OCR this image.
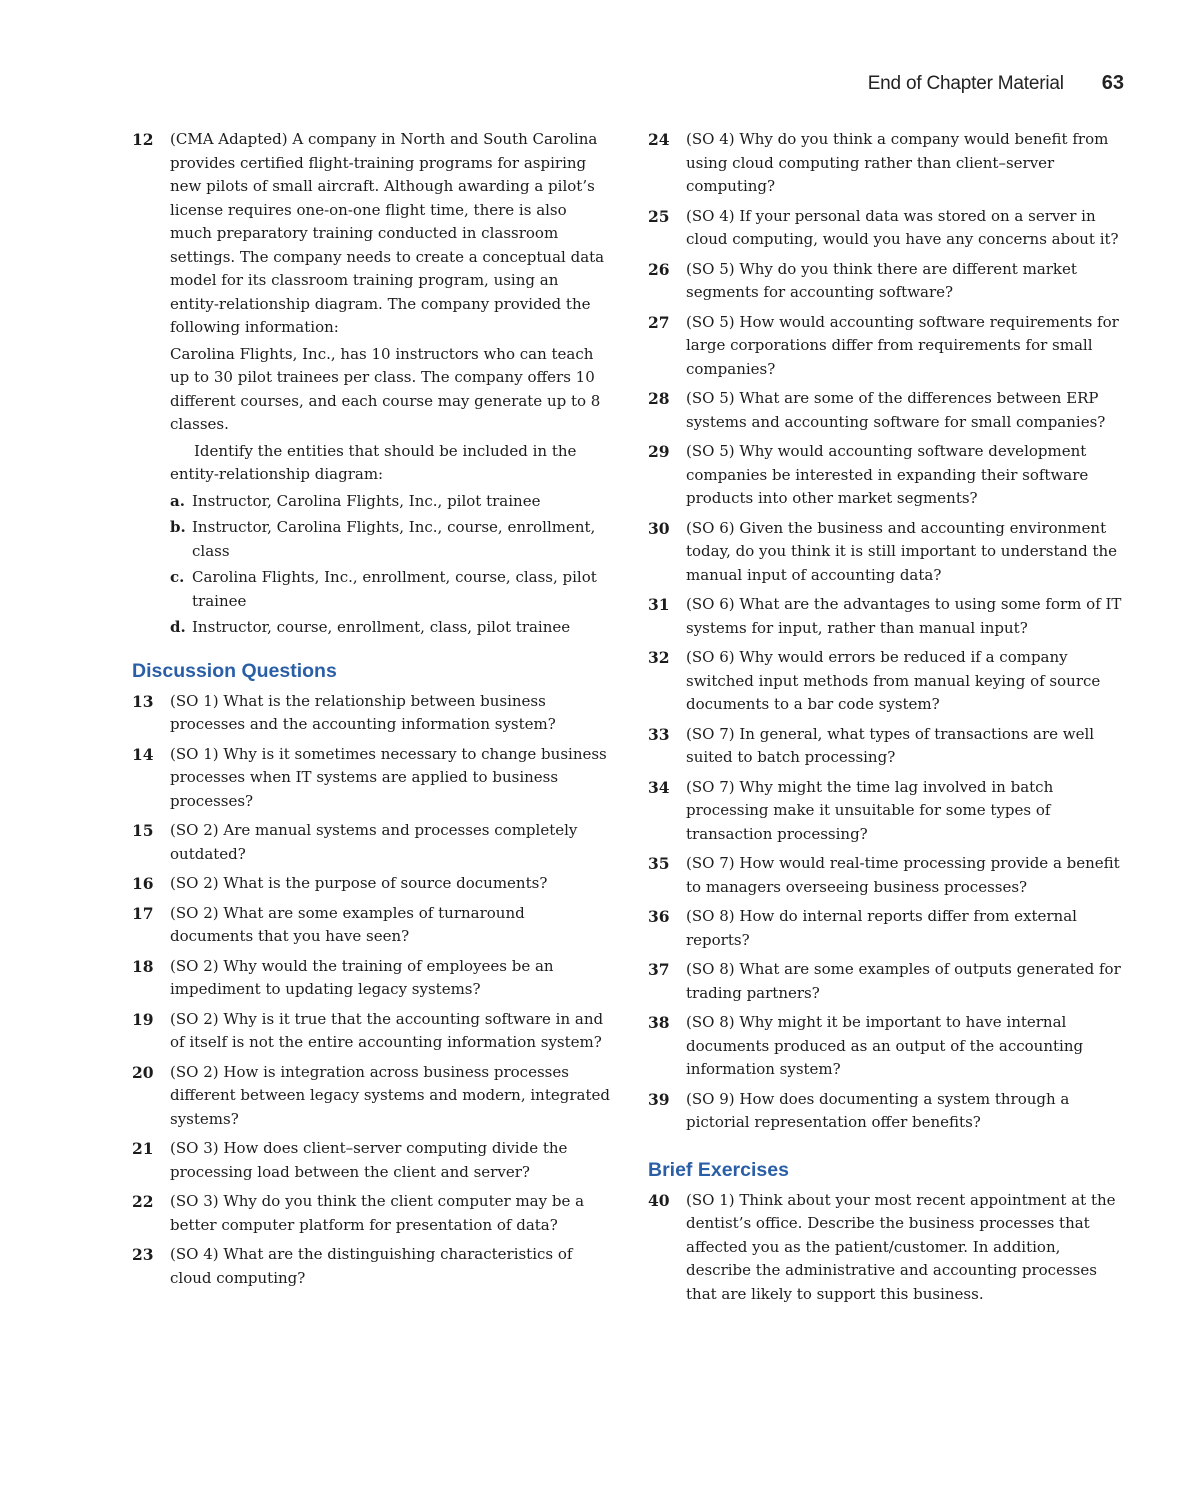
End of Chapter Material 63
12 (CMA Adapted) A company in North and South Carolina provides certified flight-training programs for aspiring new pilots of small aircraft. Although awarding a pilot’s license requires one-on-one flight time, there is also much preparatory training conducted in classroom settings. The company needs to create a conceptual data model for its classroom training program, using an entity-relationship diagram. The company provided the following information:

Carolina Flights, Inc., has 10 instructors who can teach up to 30 pilot trainees per class. The company offers 10 different courses, and each course may generate up to 8 classes.

Identify the entities that should be included in the entity-relationship diagram:

a. Instructor, Carolina Flights, Inc., pilot trainee
b. Instructor, Carolina Flights, Inc., course, enrollment, class
c. Carolina Flights, Inc., enrollment, course, class, pilot trainee
d. Instructor, course, enrollment, class, pilot trainee
Discussion Questions
13 (SO 1) What is the relationship between business processes and the accounting information system?

14 (SO 1) Why is it sometimes necessary to change business processes when IT systems are applied to business processes?

15 (SO 2) Are manual systems and processes completely outdated?

16 (SO 2) What is the purpose of source documents?

17 (SO 2) What are some examples of turnaround documents that you have seen?

18 (SO 2) Why would the training of employees be an impediment to updating legacy systems?

19 (SO 2) Why is it true that the accounting software in and of itself is not the entire accounting information system?

20 (SO 2) How is integration across business processes different between legacy systems and modern, integrated systems?

21 (SO 3) How does client–server computing divide the processing load between the client and server?

22 (SO 3) Why do you think the client computer may be a better computer platform for presentation of data?

23 (SO 4) What are the distinguishing characteristics of cloud computing?

24 (SO 4) Why do you think a company would benefit from using cloud computing rather than client–server computing?

25 (SO 4) If your personal data was stored on a server in cloud computing, would you have any concerns about it?

26 (SO 5) Why do you think there are different market segments for accounting software?

27 (SO 5) How would accounting software requirements for large corporations differ from requirements for small companies?

28 (SO 5) What are some of the differences between ERP systems and accounting software for small companies?

29 (SO 5) Why would accounting software development companies be interested in expanding their software products into other market segments?

30 (SO 6) Given the business and accounting environment today, do you think it is still important to understand the manual input of accounting data?

31 (SO 6) What are the advantages to using some form of IT systems for input, rather than manual input?

32 (SO 6) Why would errors be reduced if a company switched input methods from manual keying of source documents to a bar code system?

33 (SO 7) In general, what types of transactions are well suited to batch processing?

34 (SO 7) Why might the time lag involved in batch processing make it unsuitable for some types of transaction processing?

35 (SO 7) How would real-time processing provide a benefit to managers overseeing business processes?

36 (SO 8) How do internal reports differ from external reports?

37 (SO 8) What are some examples of outputs generated for trading partners?

38 (SO 8) Why might it be important to have internal documents produced as an output of the accounting information system?

39 (SO 9) How does documenting a system through a pictorial representation offer benefits?

Brief Exercises
40 (SO 1) Think about your most recent appointment at the dentist’s office. Describe the business processes that affected you as the patient/customer. In addition, describe the administrative and accounting processes that are likely to support this business.
